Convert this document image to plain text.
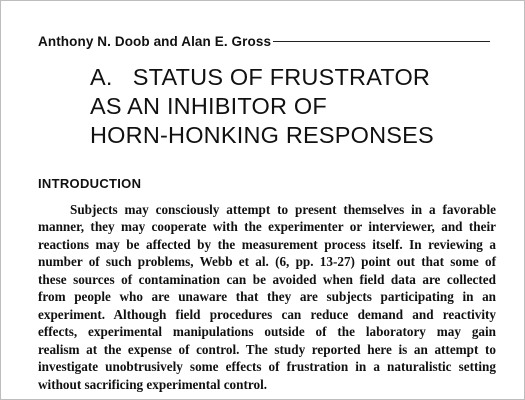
Anthony N. Doob and Alan E. Gross
A.   STATUS OF FRUSTRATOR
AS AN INHIBITOR OF
HORN-HONKING RESPONSES
INTRODUCTION

Subjects may consciously attempt to present themselves in a favorable
manner, they may cooperate with the experimenter or interviewer, and their
reactions may be affected by the measurement process itself. In reviewing a
number of such problems, Webb et al. (6, pp. 13-27) point out that some of
these sources of contamination can be avoided when field data are collected
from people who are unaware that they are subjects participating in an
experiment. Although field procedures can reduce demand and reactivity
effects, experimental manipulations outside of the laboratory may gain
realism at the expense of control. The study reported here is an attempt to
investigate unobtrusively some effects of frustration in a naturalistic setting
without sacrificing experimental control.
